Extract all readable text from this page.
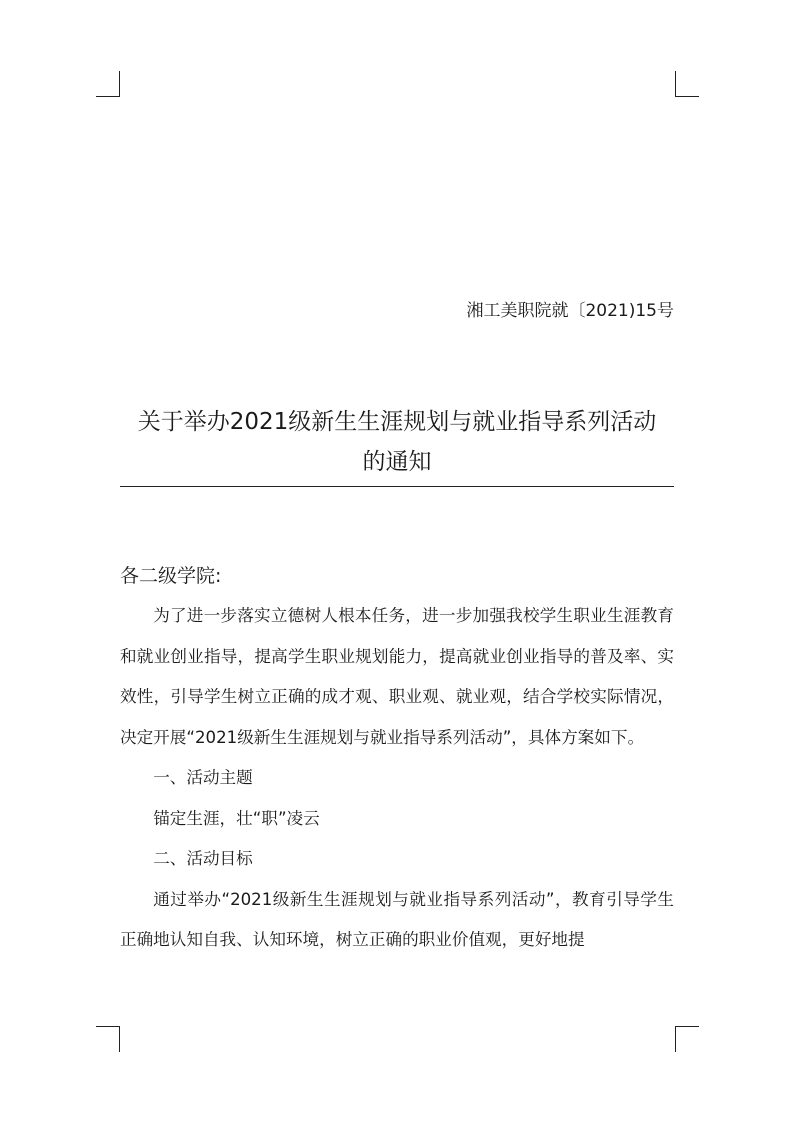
湘工美职院就〔2021)15号
关于举办2021级新生生涯规划与就业指导系列活动
的通知
各二级学院:

为了进一步落实立德树人根本任务，进一步加强我校学生职业生涯教育和就业创业指导，提高学生职业规划能力，提高就业创业指导的普及率、实效性，引导学生树立正确的成才观、职业观、就业观，结合学校实际情况，决定开展“2021级新生生涯规划与就业指导系列活动”，具体方案如下。

一、活动主题

锚定生涯，壮“职”凌云

二、活动目标

通过举办“2021级新生生涯规划与就业指导系列活动”，教育引导学生正确地认知自我、认知环境，树立正确的职业价值观，更好地提
